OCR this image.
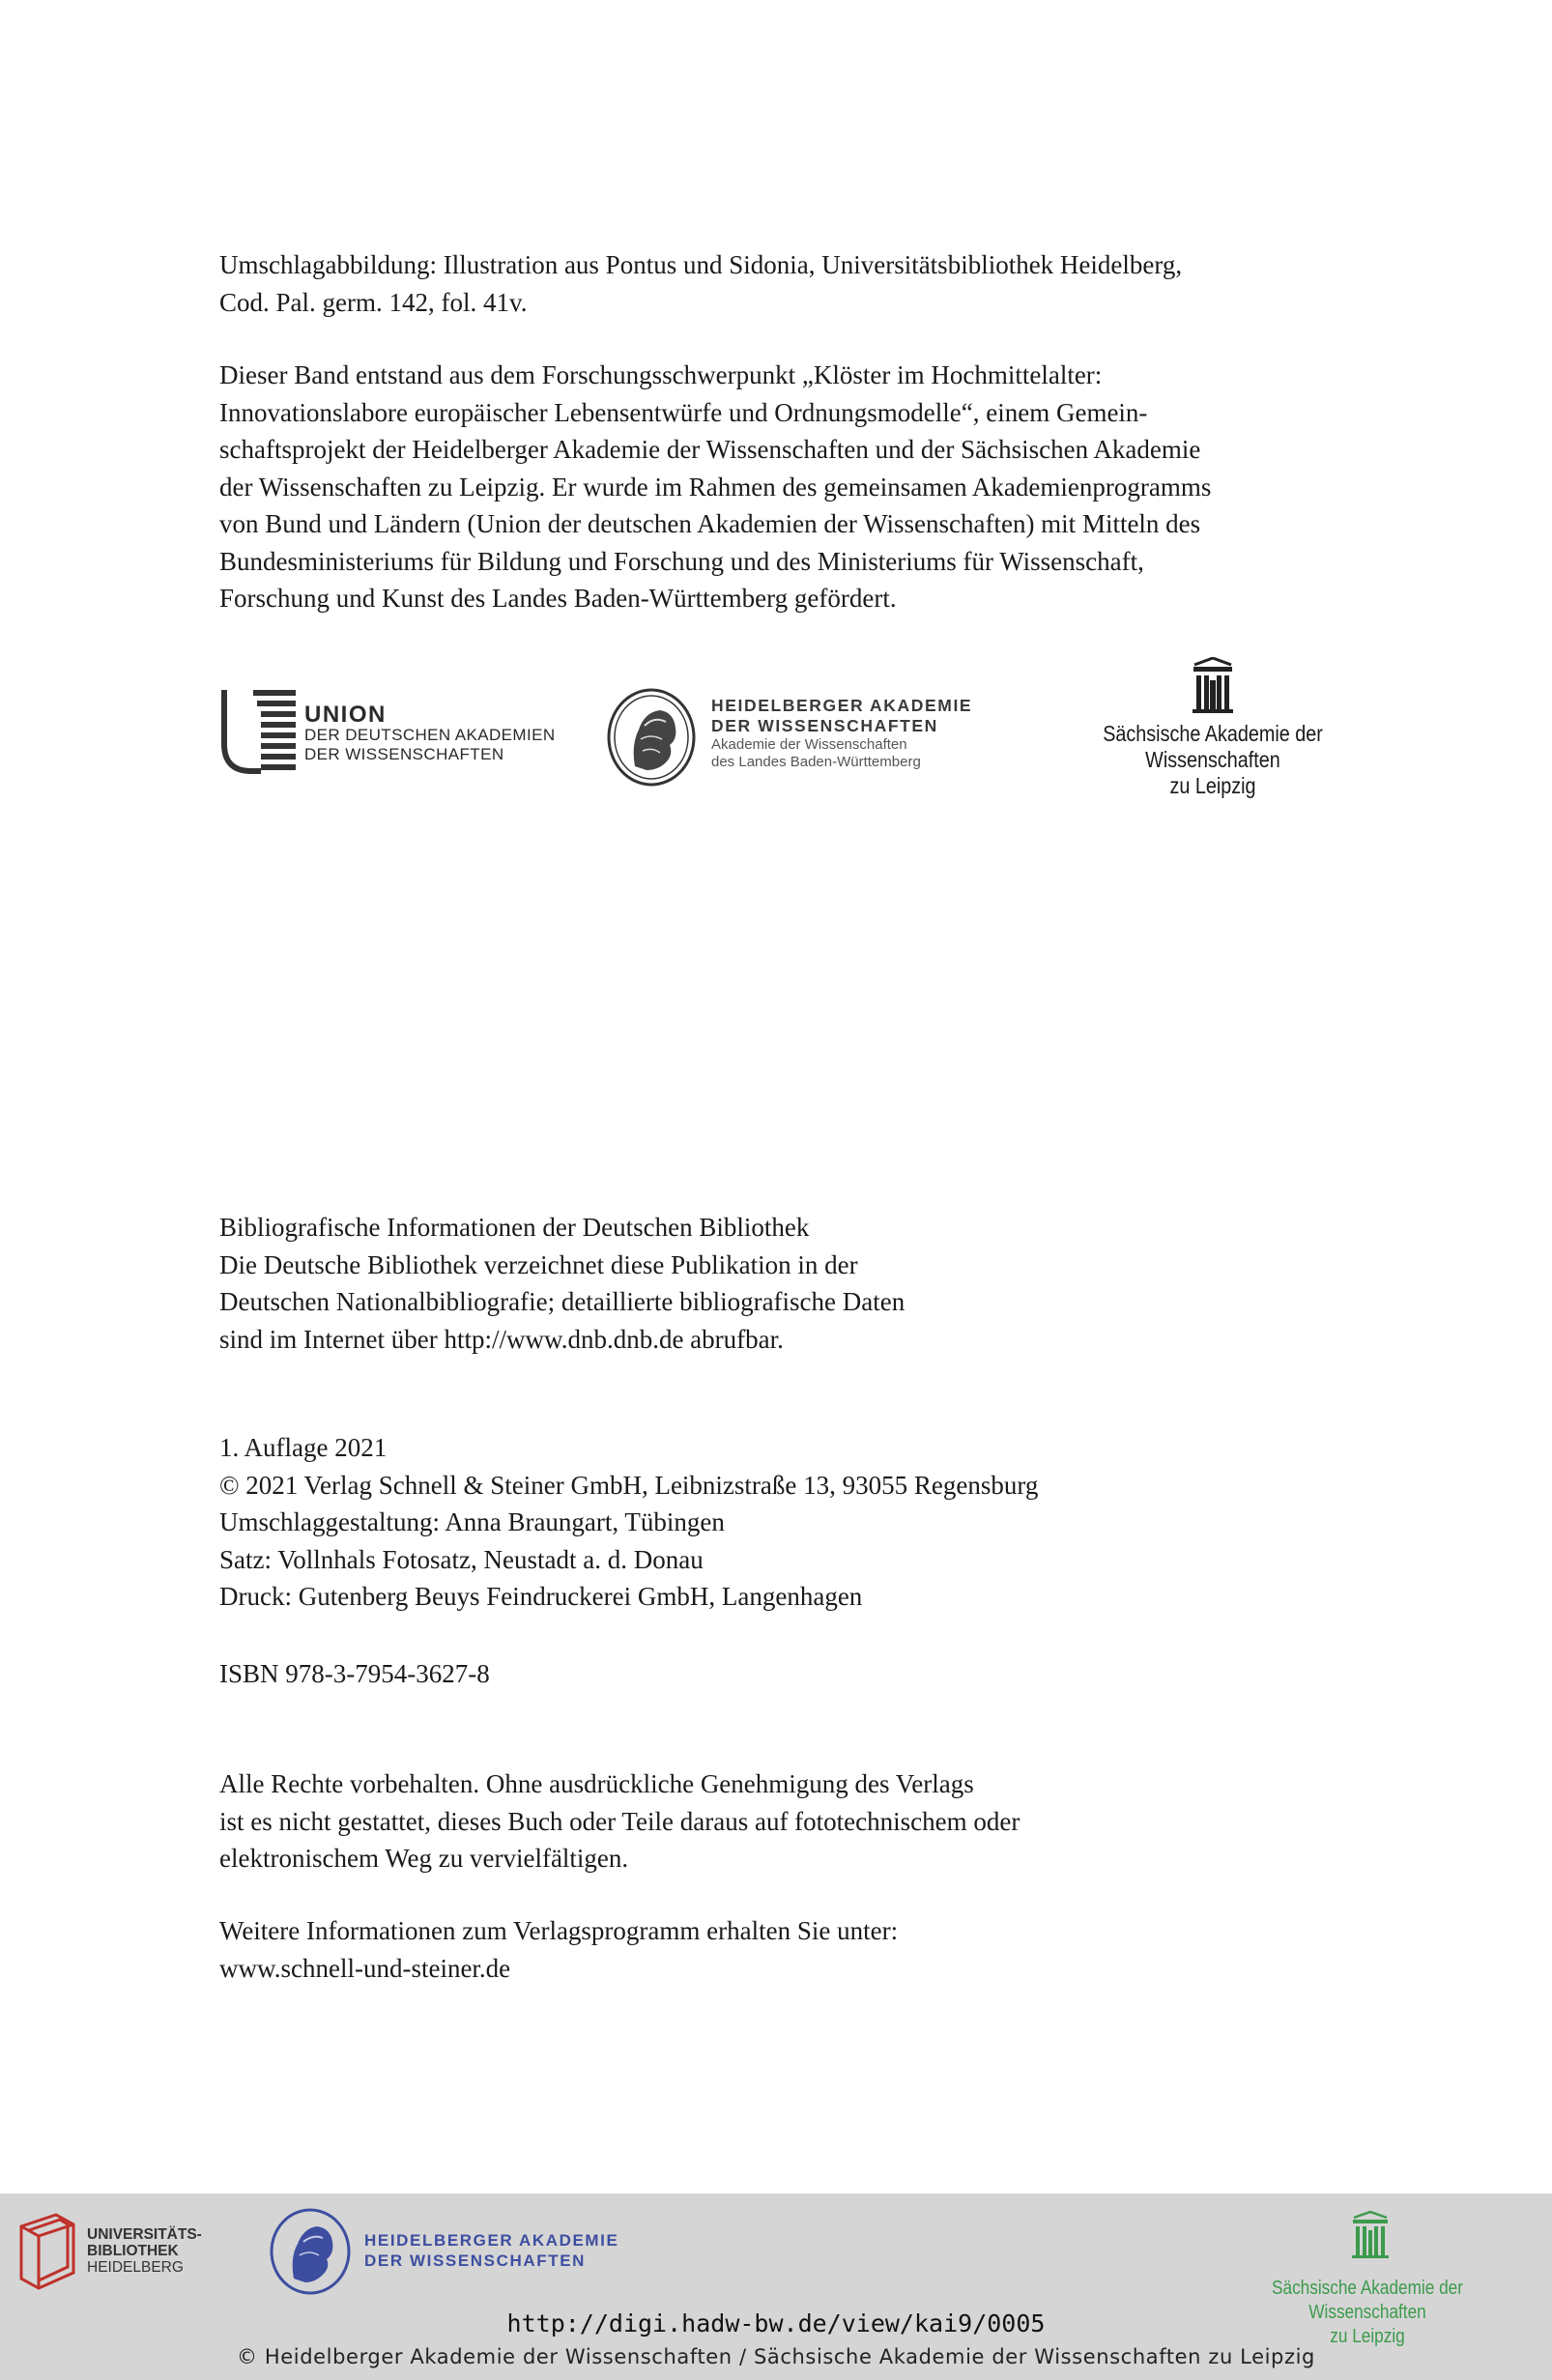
Umschlagabbildung: Illustration aus Pontus und Sidonia, Universitätsbibliothek Heidelberg,

Cod. Pal. germ. 142, fol. 41v.

Dieser Band entstand aus dem Forschungsschwerpunkt „Klöster im Hochmittelalter:

Innovationslabore europäischer Lebensentwürfe und Ordnungsmodelle“, einem Gemein-

schaftsprojekt der Heidelberger Akademie der Wissenschaften und der Sächsischen Akademie

der Wissenschaften zu Leipzig. Er wurde im Rahmen des gemeinsamen Akademienprogramms

von Bund und Ländern (Union der deutschen Akademien der Wissenschaften) mit Mitteln des

Bundesministeriums für Bildung und Forschung und des Ministeriums für Wissenschaft,

Forschung und Kunst des Landes Baden-Württemberg gefördert.

UNION
DER DEUTSCHEN AKADEMIEN
DER WISSENSCHAFTEN
HEIDELBERGER AKADEMIE
DER WISSENSCHAFTEN
Akademie der Wissenschaften
des Landes Baden-Württemberg
Sächsische Akademie der Wissenschaften
zu Leipzig

Bibliografische Informationen der Deutschen Bibliothek

Die Deutsche Bibliothek verzeichnet diese Publikation in der

Deutschen Nationalbibliografie; detaillierte bibliografische Daten

sind im Internet über http://www.dnb.dnb.de abrufbar.

1. Auflage 2021

© 2021 Verlag Schnell & Steiner GmbH, Leibnizstraße 13, 93055 Regensburg

Umschlaggestaltung: Anna Braungart, Tübingen

Satz: Vollnhals Fotosatz, Neustadt a. d. Donau

Druck: Gutenberg Beuys Feindruckerei GmbH, Langenhagen

ISBN 978-3-7954-3627-8

Alle Rechte vorbehalten. Ohne ausdrückliche Genehmigung des Verlags

ist es nicht gestattet, dieses Buch oder Teile daraus auf fototechnischem oder

elektronischem Weg zu vervielfältigen.

Weitere Informationen zum Verlagsprogramm erhalten Sie unter:

www.schnell-und-steiner.de

UNIVERSITÄTS-
BIBLIOTHEK
HEIDELBERG
HEIDELBERGER AKADEMIE
DER WISSENSCHAFTEN
Sächsische Akademie der Wissenschaften
zu Leipzig
http://digi.hadw-bw.de/view/kai9/0005
© Heidelberger Akademie der Wissenschaften / Sächsische Akademie der Wissenschaften zu Leipzig
